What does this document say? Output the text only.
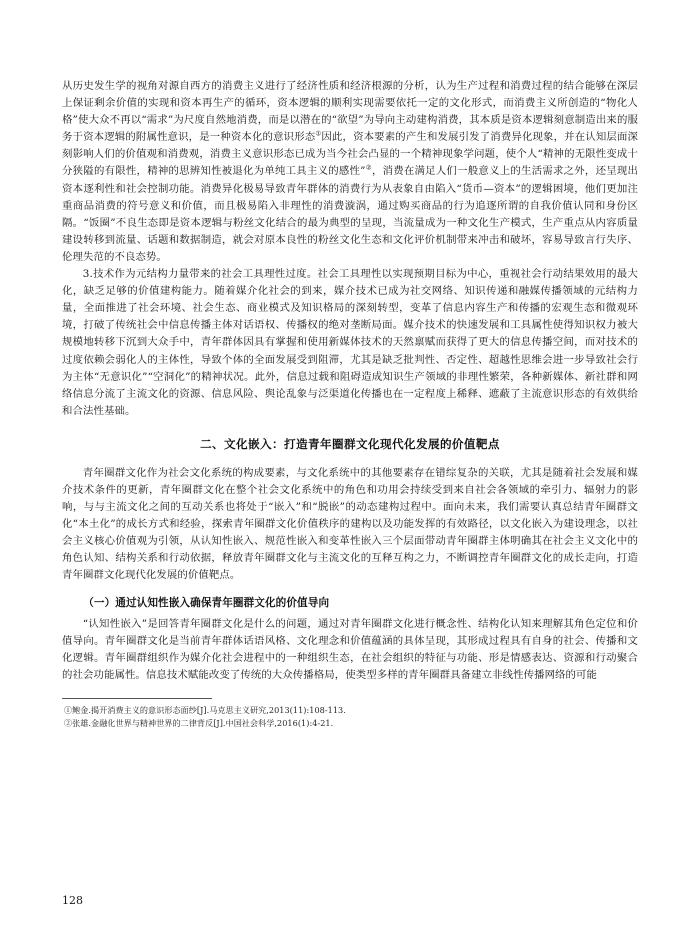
从历史发生学的视角对源自西方的消费主义进行了经济性质和经济根源的分析，认为生产过程和消费过程的结合能够在深层上保证剩余价值的实现和资本再生产的循环，资本逻辑的顺利实现需要依托一定的文化形式，而消费主义所创造的“物化人格”使大众不再以“需求”为尺度自然地消费，而是以潜在的“欲望”为导向主动建构消费，其本质是资本逻辑刻意制造出来的服务于资本逻辑的附属性意识，是一种资本化的意识形态①因此，资本要素的产生和发展引发了消费异化现象，并在认知层面深刻影响人们的价值观和消费观，消费主义意识形态已成为当今社会凸显的一个精神现象学问题，使个人“精神的无限性变成十分狭隘的有限性，精神的思辨知性被退化为单纯工具主义的感性”②，消费在满足人们一般意义上的生活需求之外，还呈现出资本逐利性和社会控制功能。消费异化极易导致青年群体的消费行为从表象自由陷入“货币—资本”的逻辑困境，他们更加注重商品消费的符号意义和价值，而且极易陷入非理性的消费漩涡，通过购买商品的行为追逐所谓的自我价值认同和身份区隔。“饭圈”不良生态即是资本逻辑与粉丝文化结合的最为典型的呈现，当流量成为一种文化生产模式，生产重点从内容质量建设转移到流量、话题和数据制造，就会对原本良性的粉丝文化生态和文化评价机制带来冲击和破坏，容易导致言行失序、伦理失范的不良态势。

3.技术作为元结构力量带来的社会工具理性过度。社会工具理性以实现预期目标为中心，重视社会行动结果效用的最大化，缺乏足够的价值建构能力。随着媒介化社会的到来，媒介技术已成为社交网络、知识传递和融媒传播领域的元结构力量，全面推进了社会环境、社会生态、商业模式及知识格局的深刻转型，变革了信息内容生产和传播的宏观生态和微观环境，打破了传统社会中信息传播主体对话语权、传播权的绝对垄断局面。媒介技术的快速发展和工具属性使得知识权力被大规模地转移下沉到大众手中，青年群体因具有掌握和使用新媒体技术的天然禀赋而获得了更大的信息传播空间，而对技术的过度依赖会弱化人的主体性，导致个体的全面发展受到阻滞，尤其是缺乏批判性、否定性、超越性思维会进一步导致社会行为主体“无意识化”“空洞化”的精神状况。此外，信息过载和阻碍造成知识生产领域的非理性繁荣，各种新媒体、新社群和网络信息分流了主流文化的资源、信息风险、舆论乱象与泛渠道化传播也在一定程度上稀释、遮蔽了主流意识形态的有效供给和合法性基础。

二、文化嵌入：打造青年圈群文化现代化发展的价值靶点

青年圈群文化作为社会文化系统的构成要素，与文化系统中的其他要素存在错综复杂的关联，尤其是随着社会发展和媒介技术条件的更新，青年圈群文化在整个社会文化系统中的角色和功用会持续受到来自社会各领域的牵引力、辐射力的影响，与与主流文化之间的互动关系也将处于“嵌入”和“脱嵌”的动态建构过程中。面向未来，我们需要认真总结青年圈群文化“本土化”的成长方式和经验，探索青年圈群文化价值秩序的建构以及功能发挥的有效路径，以文化嵌入为建设理念，以社会主义核心价值观为引领，从认知性嵌入、规范性嵌入和变革性嵌入三个层面带动青年圈群主体明确其在社会主义文化中的角色认知、结构关系和行动依据，释放青年圈群文化与主流文化的互释互构之力，不断调控青年圈群文化的成长走向，打造青年圈群文化现代化发展的价值靶点。

（一）通过认知性嵌入确保青年圈群文化的价值导向

“认知性嵌入”是回答青年圈群文化是什么的问题，通过对青年圈群文化进行概念性、结构化认知来理解其角色定位和价值导向。青年圈群文化是当前青年群体话语风格、文化理念和价值蕴涵的具体呈现，其形成过程具有自身的社会、传播和文化逻辑。青年圈群组织作为媒介化社会进程中的一种组织生态，在社会组织的特征与功能、形是情感表达、资源和行动聚合的社会功能属性。信息技术赋能改变了传统的大众传播格局，使类型多样的青年圈群具备建立非线性传播网络的可能

①鲍金.揭开消费主义的意识形态面纱[J].马克思主义研究,2013(11):108-113.

②张雄.金融化世界与精神世界的二律背反[J].中国社会科学,2016(1):4-21.

128
